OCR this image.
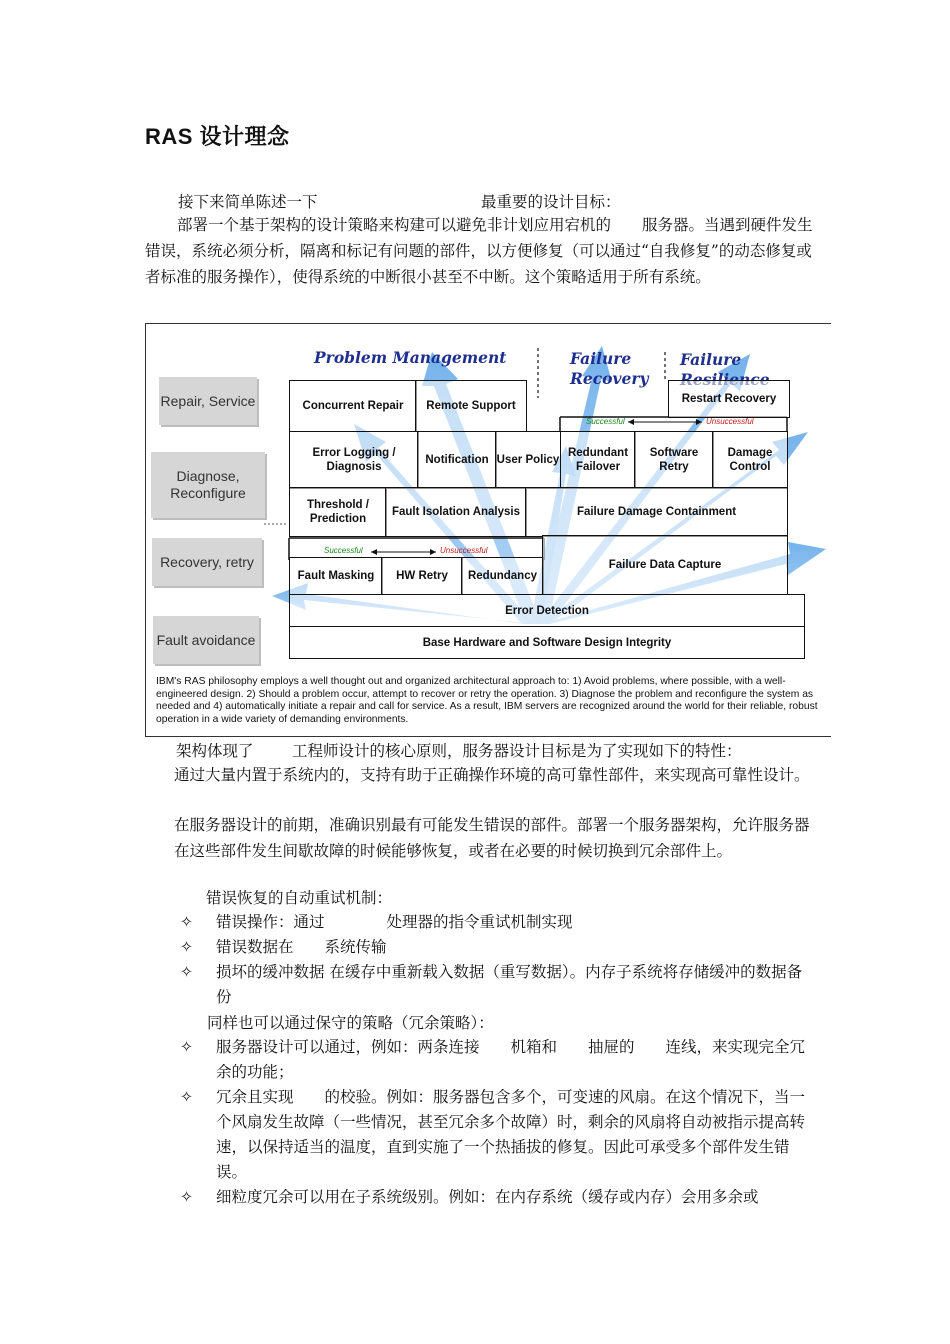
RAS 设计理念
接下来简单陈述一下	最重要的设计目标：
部署一个基于架构的设计策略来构建可以避免非计划应用宕机的　　服务器。当遇到硬件发生错误，系统必须分析，隔离和标记有问题的部件，以方便修复（可以通过“自我修复”的动态修复或者标准的服务操作），使得系统的中断很小甚至不中断。这个策略适用于所有系统。
Problem Management	Failure Recovery
Failure
Repair, Service
Diagnose, Reconfigure
Recovery, retry
Fault avoidance
Concurrent Repair	Remote Support
Restart Recovery
Successful	Unsuccessful
Error Logging / Diagnosis
Notification User Policy
Redundant Failover
Software Retry
Damage Control
Threshold / Prediction
Fault Isolation Analysis	Failure Damage Containment
Successful	Unsuccessful
Fault Masking	HW Retry	Redundancy
Failure Data Capture
Error Detection
Base Hardware and Software Design Integrity
IBM's RAS philosophy employs a well thought out and organized architectural approach to: 1) Avoid problems, where possible, with a well-engineered design. 2) Should a problem occur, attempt to recover or retry the operation. 3) Diagnose the problem and reconfigure the system as needed and 4) automatically initiate a repair and call for service. As a result, IBM servers are recognized around the world for their reliable, robust operation in a wide variety of demanding environments.
架构体现了 工程师设计的核心原则，服务器设计目标是为了实现如下的特性：
通过大量内置于系统内的，支持有助于正确操作环境的高可靠性部件，来实现高可靠性设计。
在服务器设计的前期，准确识别最有可能发生错误的部件。部署一个服务器架构，允许服务器在这些部件发生间歇故障的时候能够恢复，或者在必要的时候切换到冗余部件上。
错误恢复的自动重试机制：
✧ 错误操作：通过　　　　处理器的指令重试机制实现
✧ 错误数据在　　系统传输
✧ 损坏的缓冲数据 在缓存中重新载入数据（重写数据）。内存子系统将存储缓冲的数据备份
同样也可以通过保守的策略（冗余策略）：
✧ 服务器设计可以通过，例如：两条连接　　机箱和　　抽屉的　　连线，来实现完全冗余的功能；
✧ 冗余且实现　　的校验。例如：服务器包含多个，可变速的风扇。在这个情况下，当一个风扇发生故障（一些情况，甚至冗余多个故障）时，剩余的风扇将自动被指示提高转速，以保持适当的温度，直到实施了一个热插拔的修复。因此可承受多个部件发生错误。
✧ 细粒度冗余可以用在子系统级别。例如：在内存系统（缓存或内存）会用多余或
